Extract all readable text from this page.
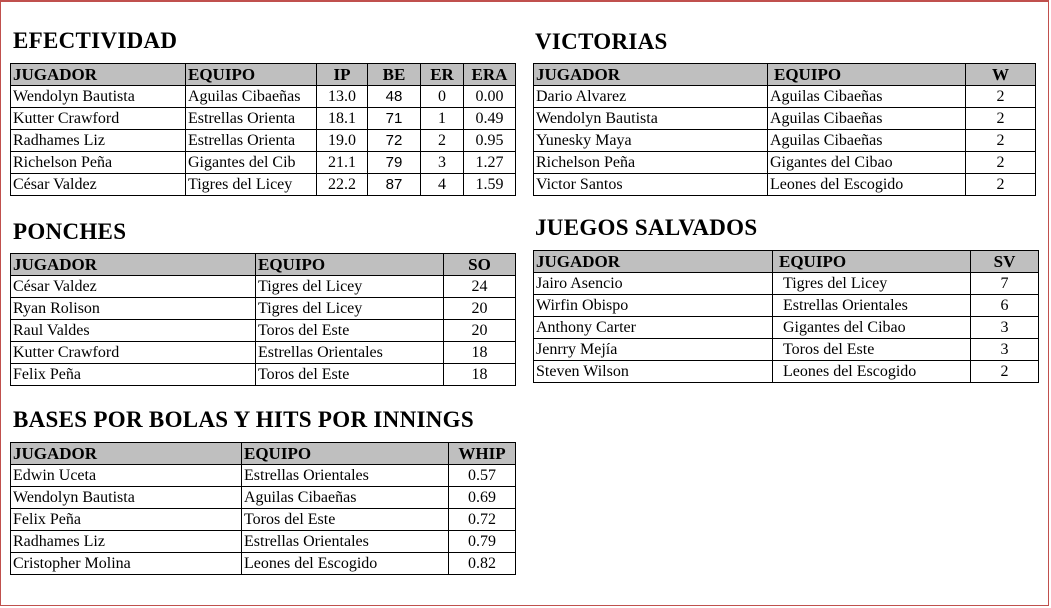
EFECTIVIDAD
JUGADOR	EQUIPO	IP	BE	ER	ERA
Wendolyn Bautista	Aguilas Cibaeñas	13.0	48	0	0.00
Kutter Crawford	Estrellas Orienta	18.1	71	1	0.49
Radhames Liz	Estrellas Orienta	19.0	72	2	0.95
Richelson Peña	Gigantes del Cib	21.1	79	3	1.27
César Valdez	Tigres del Licey	22.2	87	4	1.59
VICTORIAS
JUGADOR	EQUIPO	W
Dario Alvarez	Aguilas Cibaeñas	2
Wendolyn Bautista	Aguilas Cibaeñas	2
Yunesky Maya	Aguilas Cibaeñas	2
Richelson Peña	Gigantes del Cibao	2
Victor Santos	Leones del Escogido	2
PONCHES
JUGADOR	EQUIPO	SO
César Valdez	Tigres del Licey	24
Ryan Rolison	Tigres del Licey	20
Raul Valdes	Toros del Este	20
Kutter Crawford	Estrellas Orientales	18
Felix Peña	Toros del Este	18
JUEGOS SALVADOS
JUGADOR	EQUIPO	SV
Jairo Asencio	Tigres del Licey	7
Wirfin Obispo	Estrellas Orientales	6
Anthony Carter	Gigantes del Cibao	3
Jenrry Mejía	Toros del Este	3
Steven Wilson	Leones del Escogido	2
BASES POR BOLAS Y HITS POR INNINGS
JUGADOR	EQUIPO	WHIP
Edwin Uceta	Estrellas Orientales	0.57
Wendolyn Bautista	Aguilas Cibaeñas	0.69
Felix Peña	Toros del Este	0.72
Radhames Liz	Estrellas Orientales	0.79
Cristopher Molina	Leones del Escogido	0.82
